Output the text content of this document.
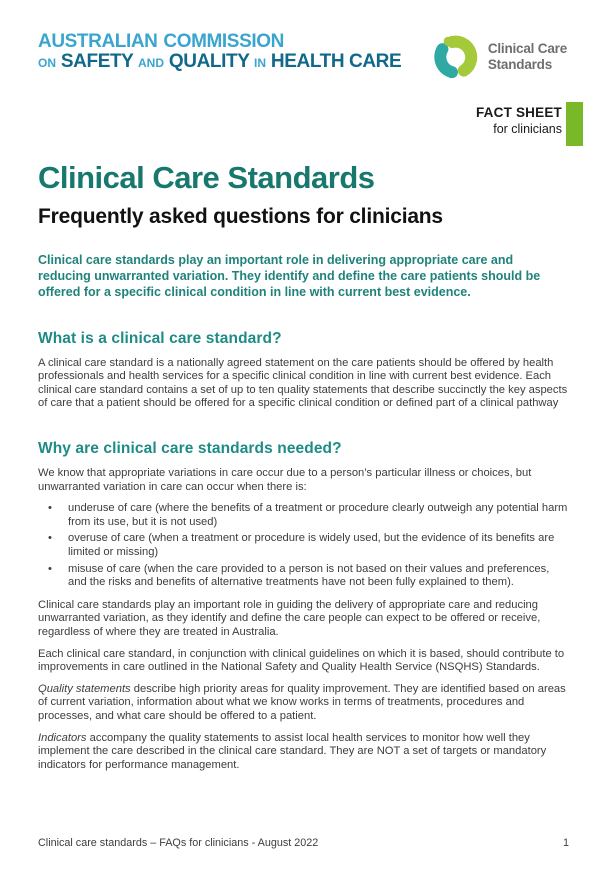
AUSTRALIAN COMMISSION
ON SAFETY AND QUALITY IN HEALTH CARE
Clinical Care
Standards
FACT SHEET
for clinicians
Clinical Care Standards
Frequently asked questions for clinicians

Clinical care standards play an important role in delivering appropriate care and reducing unwarranted variation. They identify and define the care patients should be offered for a specific clinical condition in line with current best evidence.

What is a clinical care standard?

A clinical care standard is a nationally agreed statement on the care patients should be offered by health professionals and health services for a specific clinical condition in line with current best evidence. Each clinical care standard contains a set of up to ten quality statements that describe succinctly the key aspects of care that a patient should be offered for a specific clinical condition or defined part of a clinical pathway

Why are clinical care standards needed?

We know that appropriate variations in care occur due to a person’s particular illness or choices, but unwarranted variation in care can occur when there is:

• underuse of care (where the benefits of a treatment or procedure clearly outweigh any potential harm from its use, but it is not used)
• overuse of care (when a treatment or procedure is widely used, but the evidence of its benefits are limited or missing)
• misuse of care (when the care provided to a person is not based on their values and preferences, and the risks and benefits of alternative treatments have not been fully explained to them).

Clinical care standards play an important role in guiding the delivery of appropriate care and reducing unwarranted variation, as they identify and define the care people can expect to be offered or receive, regardless of where they are treated in Australia.

Each clinical care standard, in conjunction with clinical guidelines on which it is based, should contribute to improvements in care outlined in the National Safety and Quality Health Service (NSQHS) Standards.

Quality statements describe high priority areas for quality improvement. They are identified based on areas of current variation, information about what we know works in terms of treatments, procedures and processes, and what care should be offered to a patient.

Indicators accompany the quality statements to assist local health services to monitor how well they implement the care described in the clinical care standard. They are NOT a set of targets or mandatory indicators for performance management.

Clinical care standards – FAQs for clinicians - August 2022	1
